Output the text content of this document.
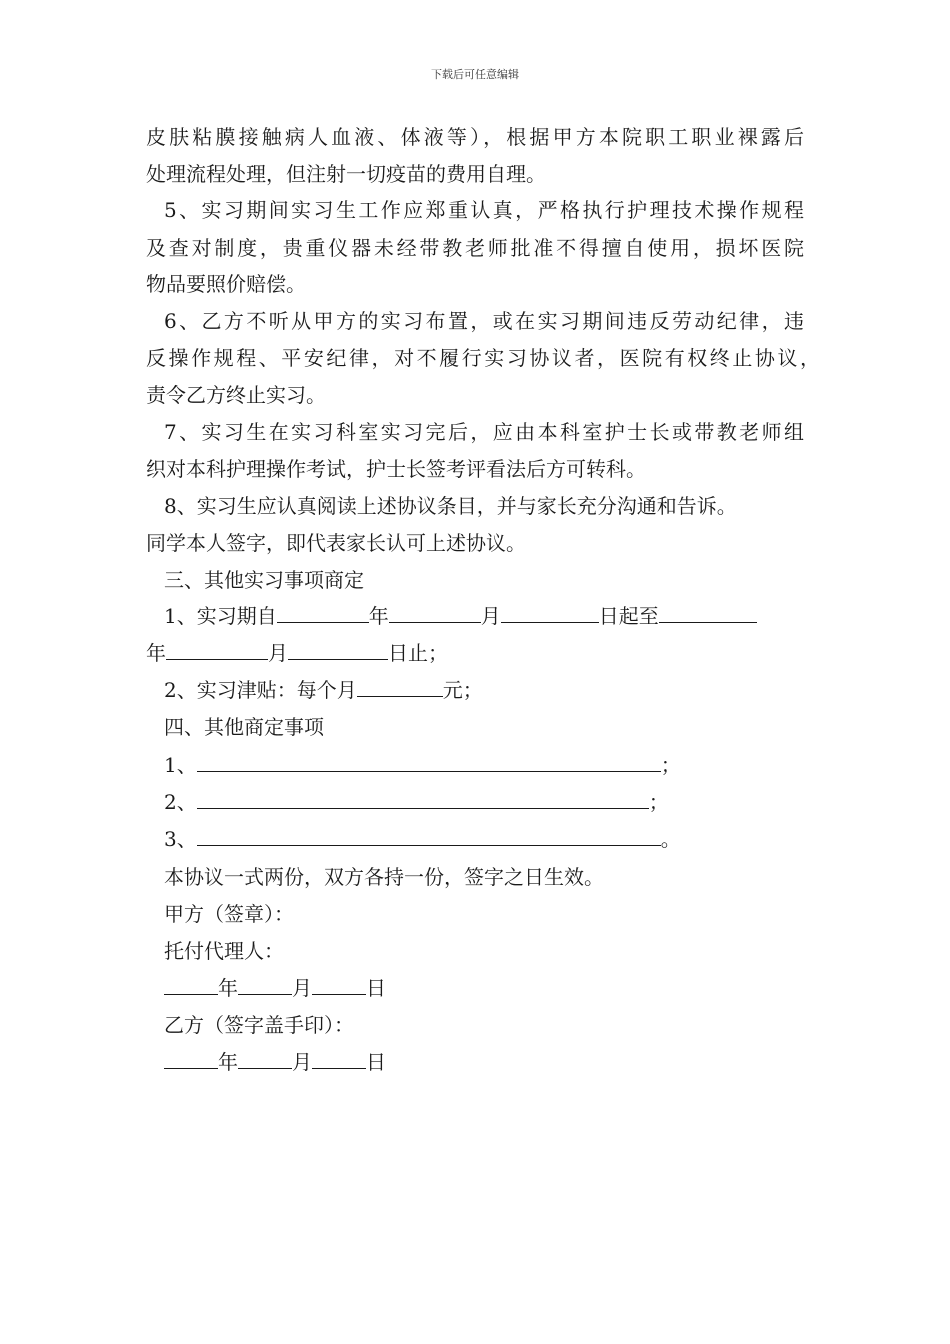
下载后可任意编辑
皮肤粘膜接触病人血液、体液等），根据甲方本院职工职业裸露后
处理流程处理，但注射一切疫苗的费用自理。
5、实习期间实习生工作应郑重认真，严格执行护理技术操作规程
及查对制度，贵重仪器未经带教老师批准不得擅自使用，损坏医院
物品要照价赔偿。
6、乙方不听从甲方的实习布置，或在实习期间违反劳动纪律，违
反操作规程、平安纪律，对不履行实习协议者，医院有权终止协议，
责令乙方终止实习。
7、实习生在实习科室实习完后，应由本科室护士长或带教老师组
织对本科护理操作考试，护士长签考评看法后方可转科。
8、实习生应认真阅读上述协议条目，并与家长充分沟通和告诉。
同学本人签字，即代表家长认可上述协议。
三、其他实习事项商定
1、实习期自	年	月	日起至
年	月	日止；
2、实习津贴：每个月	元；
四、其他商定事项
1、	；
2、	；
3、	。
本协议一式两份，双方各持一份，签字之日生效。
甲方（签章）：
托付代理人：
年	月	日
乙方（签字盖手印）：
年	月	日
